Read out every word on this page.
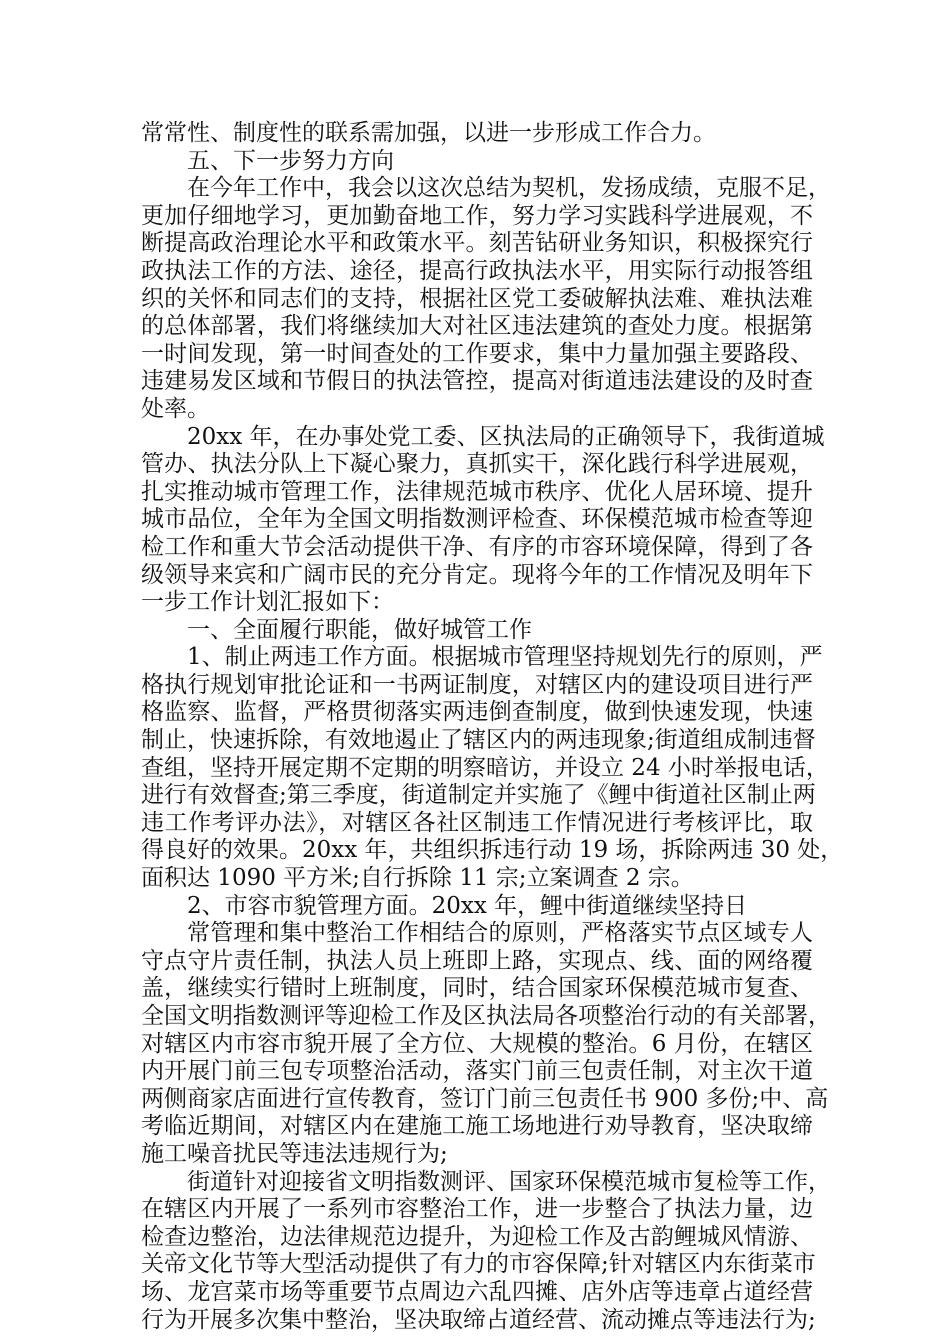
常常性、制度性的联系需加强，以进一步形成工作合力。
五、下一步努力方向
在今年工作中，我会以这次总结为契机，发扬成绩，克服不足，
更加仔细地学习，更加勤奋地工作，努力学习实践科学进展观，不
断提高政治理论水平和政策水平。刻苦钻研业务知识，积极探究行
政执法工作的方法、途径，提高行政执法水平，用实际行动报答组
织的关怀和同志们的支持，根据社区党工委破解执法难、难执法难
的总体部署，我们将继续加大对社区违法建筑的查处力度。根据第
一时间发现，第一时间查处的工作要求，集中力量加强主要路段、
违建易发区域和节假日的执法管控，提高对街道违法建设的及时查
处率。
20xx 年，在办事处党工委、区执法局的正确领导下，我街道城
管办、执法分队上下凝心聚力，真抓实干，深化践行科学进展观，
扎实推动城市管理工作，法律规范城市秩序、优化人居环境、提升
城市品位，全年为全国文明指数测评检查、环保模范城市检查等迎
检工作和重大节会活动提供干净、有序的市容环境保障，得到了各
级领导来宾和广阔市民的充分肯定。现将今年的工作情况及明年下
一步工作计划汇报如下：
一、全面履行职能，做好城管工作
1、制止两违工作方面。根据城市管理坚持规划先行的原则，严
格执行规划审批论证和一书两证制度，对辖区内的建设项目进行严
格监察、监督，严格贯彻落实两违倒查制度，做到快速发现，快速
制止，快速拆除，有效地遏止了辖区内的两违现象;街道组成制违督
查组，坚持开展定期不定期的明察暗访，并设立 24 小时举报电话，
进行有效督查;第三季度，街道制定并实施了《鲤中街道社区制止两
违工作考评办法》，对辖区各社区制违工作情况进行考核评比，取
得良好的效果。20xx 年，共组织拆违行动 19 场，拆除两违 30 处，
面积达 1090 平方米;自行拆除 11 宗;立案调查 2 宗。
2、市容市貌管理方面。20xx 年，鲤中街道继续坚持日
常管理和集中整治工作相结合的原则，严格落实节点区域专人
守点守片责任制，执法人员上班即上路，实现点、线、面的网络覆
盖，继续实行错时上班制度，同时，结合国家环保模范城市复查、
全国文明指数测评等迎检工作及区执法局各项整治行动的有关部署，
对辖区内市容市貌开展了全方位、大规模的整治。6 月份，在辖区
内开展门前三包专项整治活动，落实门前三包责任制，对主次干道
两侧商家店面进行宣传教育，签订门前三包责任书 900 多份;中、高
考临近期间，对辖区内在建施工施工场地进行劝导教育，坚决取缔
施工噪音扰民等违法违规行为;
街道针对迎接省文明指数测评、国家环保模范城市复检等工作，
在辖区内开展了一系列市容整治工作，进一步整合了执法力量，边
检查边整治，边法律规范边提升，为迎检工作及古韵鲤城风情游、
关帝文化节等大型活动提供了有力的市容保障;针对辖区内东街菜市
场、龙宫菜市场等重要节点周边六乱四摊、店外店等违章占道经营
行为开展多次集中整治，坚决取缔占道经营、流动摊点等违法行为;
